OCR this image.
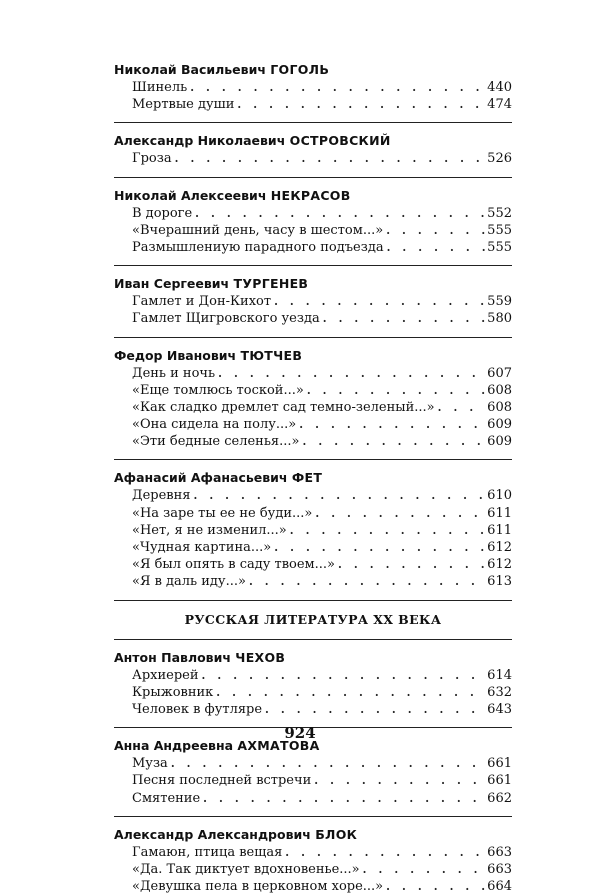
Николай Васильевич ГОГОЛЬ
Шинель . . .	440
Мертвые души . . .	474
Александр Николаевич ОСТРОВСКИЙ
Гроза . . .	526
Николай Алексеевич НЕКРАСОВ
В дороге . . .	552
«Вчерашний день, часу в шестом...» . . .	555
Размышлениую парадного подъезда . . .	555
Иван Сергеевич ТУРГЕНЕВ
Гамлет и Дон-Кихот . . .	559
Гамлет Щигровского уезда . . .	580
Федор Иванович ТЮТЧЕВ
День и ночь . . .	607
«Еще томлюсь тоской...» . . .	608
«Как сладко дремлет сад темно-зеленый...» . . .	608
«Она сидела на полу...» . . .	609
«Эти бедные селенья...» . . .	609
Афанасий Афанасьевич ФЕТ
Деревня . . .	610
«На заре ты ее не буди...» . . .	611
«Нет, я не изменил...» . . .	611
«Чудная картина...» . . .	612
«Я был опять в саду твоем...» . . .	612
«Я в даль иду...» . . .	613
РУССКАЯ ЛИТЕРАТУРА XX ВЕКА
Антон Павлович ЧЕХОВ
Архиерей . . .	614
Крыжовник . . .	632
Человек в футляре . . .	643
Анна Андреевна АХМАТОВА
Муза . . .	661
Песня последней встречи . . .	661
Смятение . . .	662
Александр Александрович БЛОК
Гамаюн, птица вещая . . .	663
«Да. Так диктует вдохновенье...» . . .	663
«Девушка пела в церковном хоре...» . . .	664
924
